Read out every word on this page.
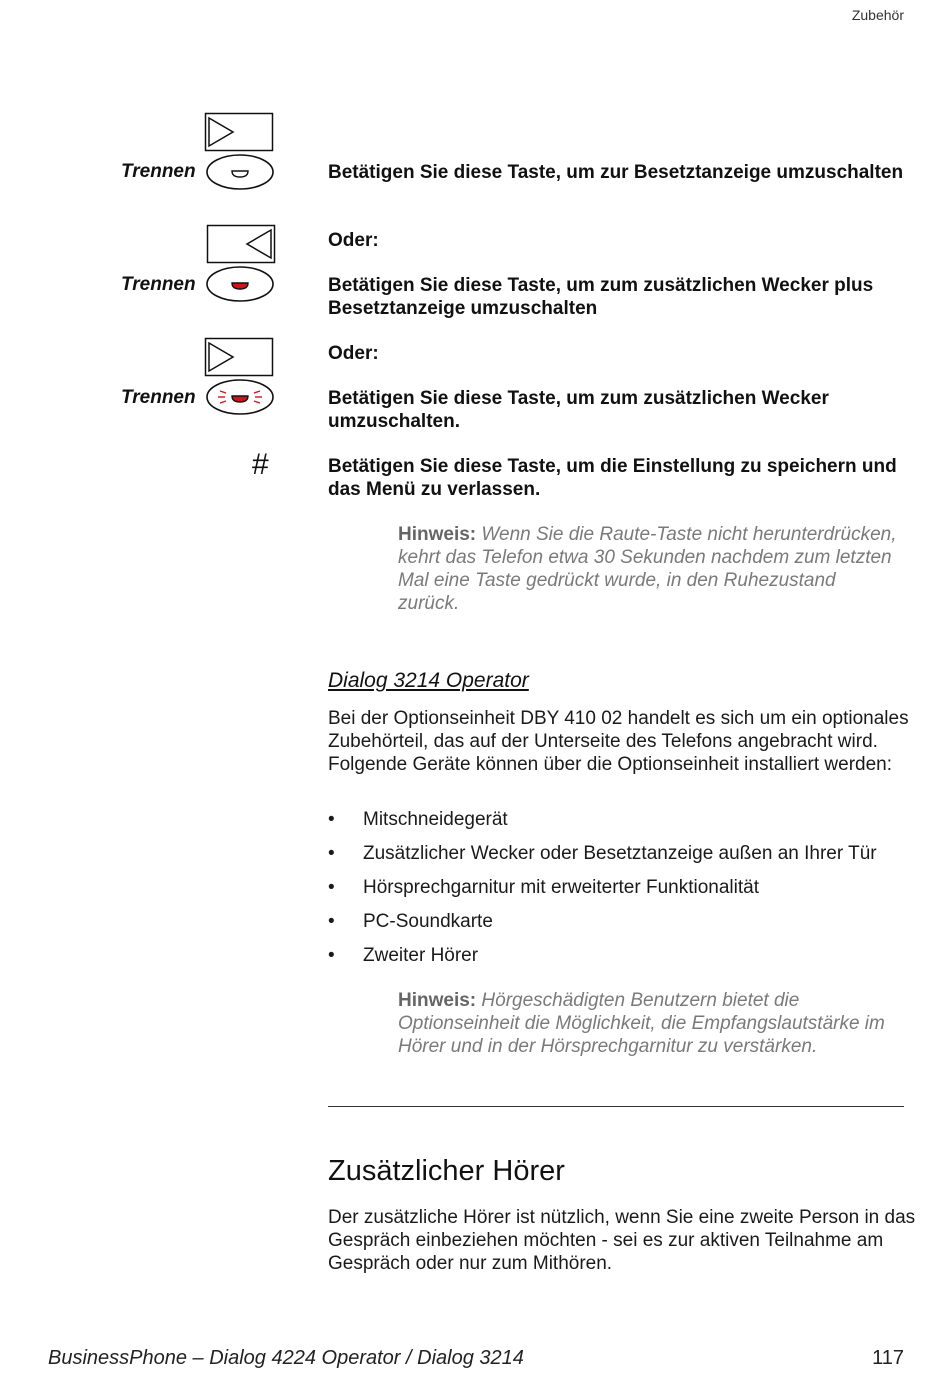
Zubehör
Trennen	Betätigen Sie diese Taste, um zur Besetztanzeige umzuschalten
Oder:
Trennen	Betätigen Sie diese Taste, um zum zusätzlichen Wecker plus Besetztanzeige umzuschalten
Oder:
Trennen	Betätigen Sie diese Taste, um zum zusätzlichen Wecker umzuschalten.
#	Betätigen Sie diese Taste, um die Einstellung zu speichern und das Menü zu verlassen.
Hinweis: Wenn Sie die Raute-Taste nicht herunterdrücken, kehrt das Telefon etwa 30 Sekunden nachdem zum letzten Mal eine Taste gedrückt wurde, in den Ruhezustand zurück.
Dialog 3214 Operator
Bei der Optionseinheit DBY 410 02 handelt es sich um ein optionales Zubehörteil, das auf der Unterseite des Telefons angebracht wird. Folgende Geräte können über die Optionseinheit installiert werden:
• Mitschneidegerät
• Zusätzlicher Wecker oder Besetztanzeige außen an Ihrer Tür
• Hörsprechgarnitur mit erweiterter Funktionalität
• PC-Soundkarte
• Zweiter Hörer
Hinweis: Hörgeschädigten Benutzern bietet die Optionseinheit die Möglichkeit, die Empfangslautstärke im Hörer und in der Hörsprechgarnitur zu verstärken.
Zusätzlicher Hörer
Der zusätzliche Hörer ist nützlich, wenn Sie eine zweite Person in das Gespräch einbeziehen möchten - sei es zur aktiven Teilnahme am Gespräch oder nur zum Mithören.
BusinessPhone – Dialog 4224 Operator / Dialog 3214	117
